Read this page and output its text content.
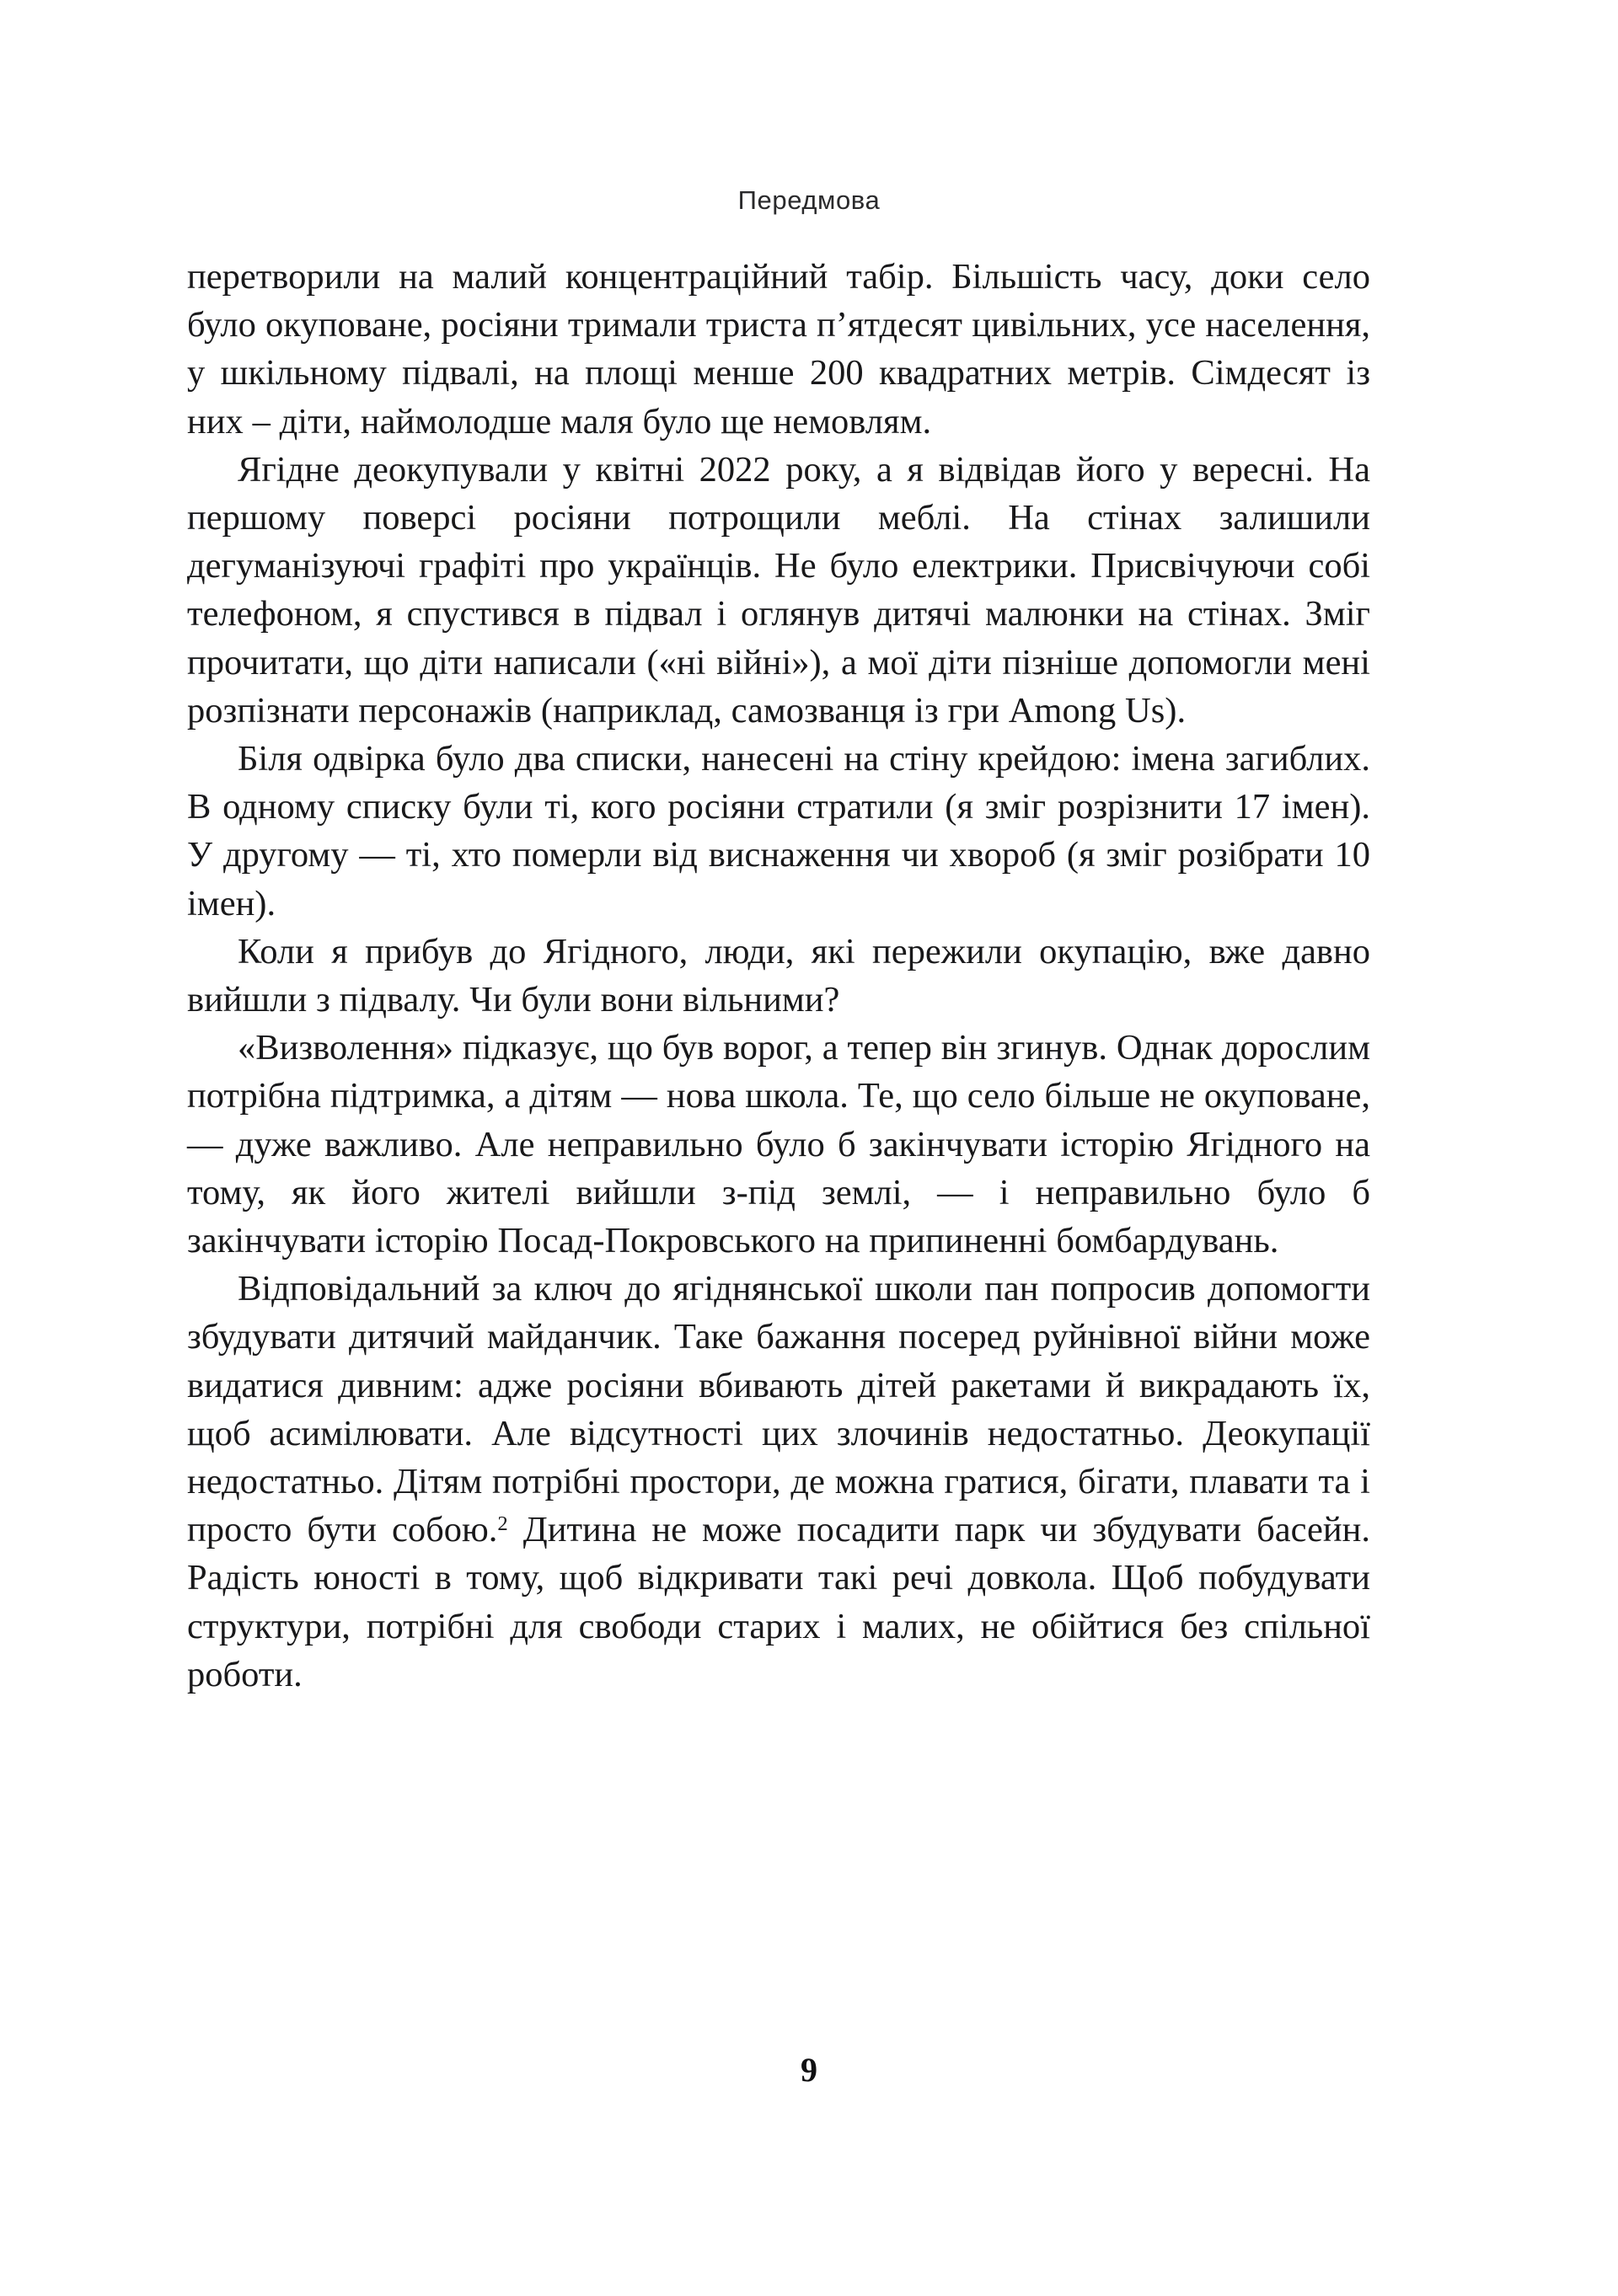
Передмова

перетворили на малий концентраційний табір. Більшість часу, доки село було окуповане, росіяни тримали триста п’ятдесят цивільних, усе населення, у шкільному підвалі, на площі менше 200 квадратних метрів. Сімдесят із них – діти, наймолодше маля було ще немовлям.

Ягідне деокупували у квітні 2022 року, а я відвідав його у вересні. На першому поверсі росіяни потрощили меблі. На стінах залишили дегуманізуючі графіті про українців. Не було електрики. Присвічуючи собі телефоном, я спустився в підвал і оглянув дитячі малюнки на стінах. Зміг прочитати, що діти написали («ні війні»), а мої діти пізніше допомогли мені розпізнати персонажів (наприклад, самозванця із гри Among Us).

Біля одвірка було два списки, нанесені на стіну крейдою: імена загиблих. В одному списку були ті, кого росіяни стратили (я зміг розрізнити 17 імен). У другому — ті, хто померли від виснаження чи хвороб (я зміг розібрати 10 імен).

Коли я прибув до Ягідного, люди, які пережили окупацію, вже давно вийшли з підвалу. Чи були вони вільними?

«Визволення» підказує, що був ворог, а тепер він згинув. Однак дорослим потрібна підтримка, а дітям — нова школа. Те, що село більше не окуповане, — дуже важливо. Але неправильно було б закінчувати історію Ягідного на тому, як його жителі вийшли з-під землі, — і неправильно було б закінчувати історію Посад-Покровського на припиненні бомбардувань.

Відповідальний за ключ до ягіднянської школи пан попросив допомогти збудувати дитячий майданчик. Таке бажання посеред руйнівної війни може видатися дивним: адже росіяни вбивають дітей ракетами й викрадають їх, щоб асимілювати. Але відсутності цих злочинів недостатньо. Деокупації недостатньо. Дітям потрібні простори, де можна гратися, бігати, плавати та і просто бути собою.$^2$ Дитина не може посадити парк чи збудувати басейн. Радість юності в тому, щоб відкривати такі речі довкола. Щоб побудувати структури, потрібні для свободи старих і малих, не обійтися без спільної роботи.

9
